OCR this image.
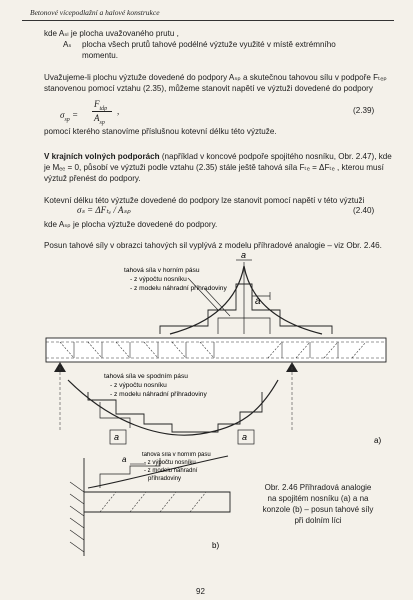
Betonové vícepodlažní a halové konstrukce
kde Aₛₗ je plocha uvažovaného prutu ,
Aₛ plocha všech prutů tahové podélné výztuže využité v místě extrémního
momentu.
Uvažujeme-li plochu výztuže dovedené do podpory Aₛₚ a skutečnou tahovou sílu v podpoře Fₜₑₚ
stanovenou pomocí vztahu (2.35), můžeme stanovit napětí ve výztuži dovedené do podpory
$\sigma_{sp}$ =
$F_{tdp}$
$A_{sp}$
,	(2.39)
pomocí kterého stanovíme příslušnou kotevní délku této výztuže.
V krajních volných podporách (například v koncové podpoře spojitého nosníku, Obr. 2.47), kde
je Mₑₑ = 0, působí ve výztuži podle vztahu (2.35) stále ještě tahová síla Fₜₑ = ΔFₜₑ , kterou musí
výztuž přenést do podpory.
Kotevní délku této výztuže dovedené do podpory lze stanovit pomocí napětí v této výztuži
σₛ = ΔFₜₑ / Aₛₚ	(2.40)
kde Aₛₚ je plocha výztuže dovedené do podpory.
Posun tahové síly v obrazci tahových sil vyplývá z modelu příhradové analogie – viz Obr. 2.46.
a
a
tahová síla v horním pásu
- z výpočtu nosníku
- z modelu náhradní příhradoviny
tahová síla ve spodním pásu
- z výpočtu nosníku
- z modelu náhradní příhradoviny
a	a	a)
a	tahová síla v horním pásu
- z výpočtu nosníku
- z modelu náhradní
příhradoviny
b)
Obr. 2.46 Příhradová analogie
na spojitém nosníku (a) a na
konzole (b) – posun tahové síly
při dolním líci
92
